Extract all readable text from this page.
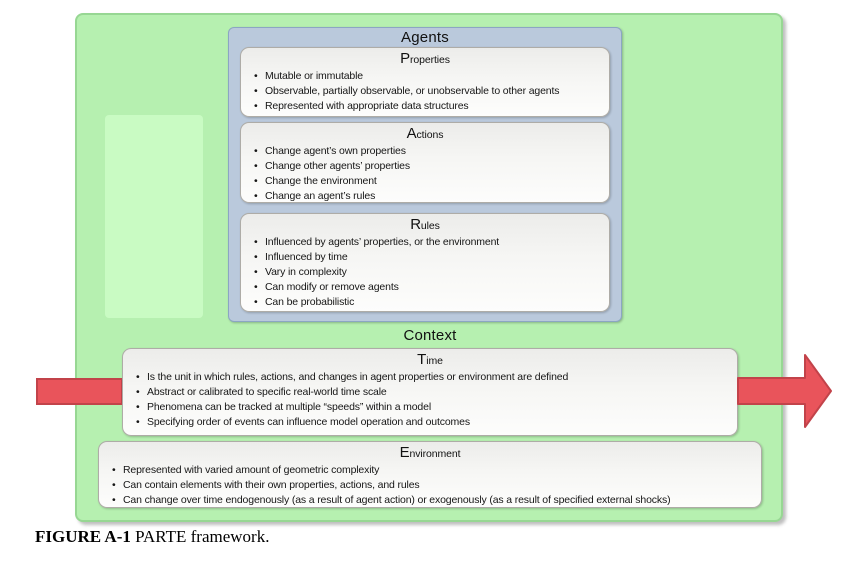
Agents
Properties
• Mutable or immutable
• Observable, partially observable, or unobservable to other agents
• Represented with appropriate data structures
Actions
• Change agent’s own properties
• Change other agents’ properties
• Change the environment
• Change an agent’s rules
Rules
• Influenced by agents’ properties, or the environment
• Influenced by time
• Vary in complexity
• Can modify or remove agents
• Can be probabilistic
Context
Time
• Is the unit in which rules, actions, and changes in agent properties or environment are defined
• Abstract or calibrated to specific real-world time scale
• Phenomena can be tracked at multiple “speeds” within a model
• Specifying order of events can influence model operation and outcomes
Environment
• Represented with varied amount of geometric complexity
• Can contain elements with their own properties, actions, and rules
• Can change over time endogenously (as a result of agent action) or exogenously (as a result of specified external shocks)
FIGURE A-1 PARTE framework.
